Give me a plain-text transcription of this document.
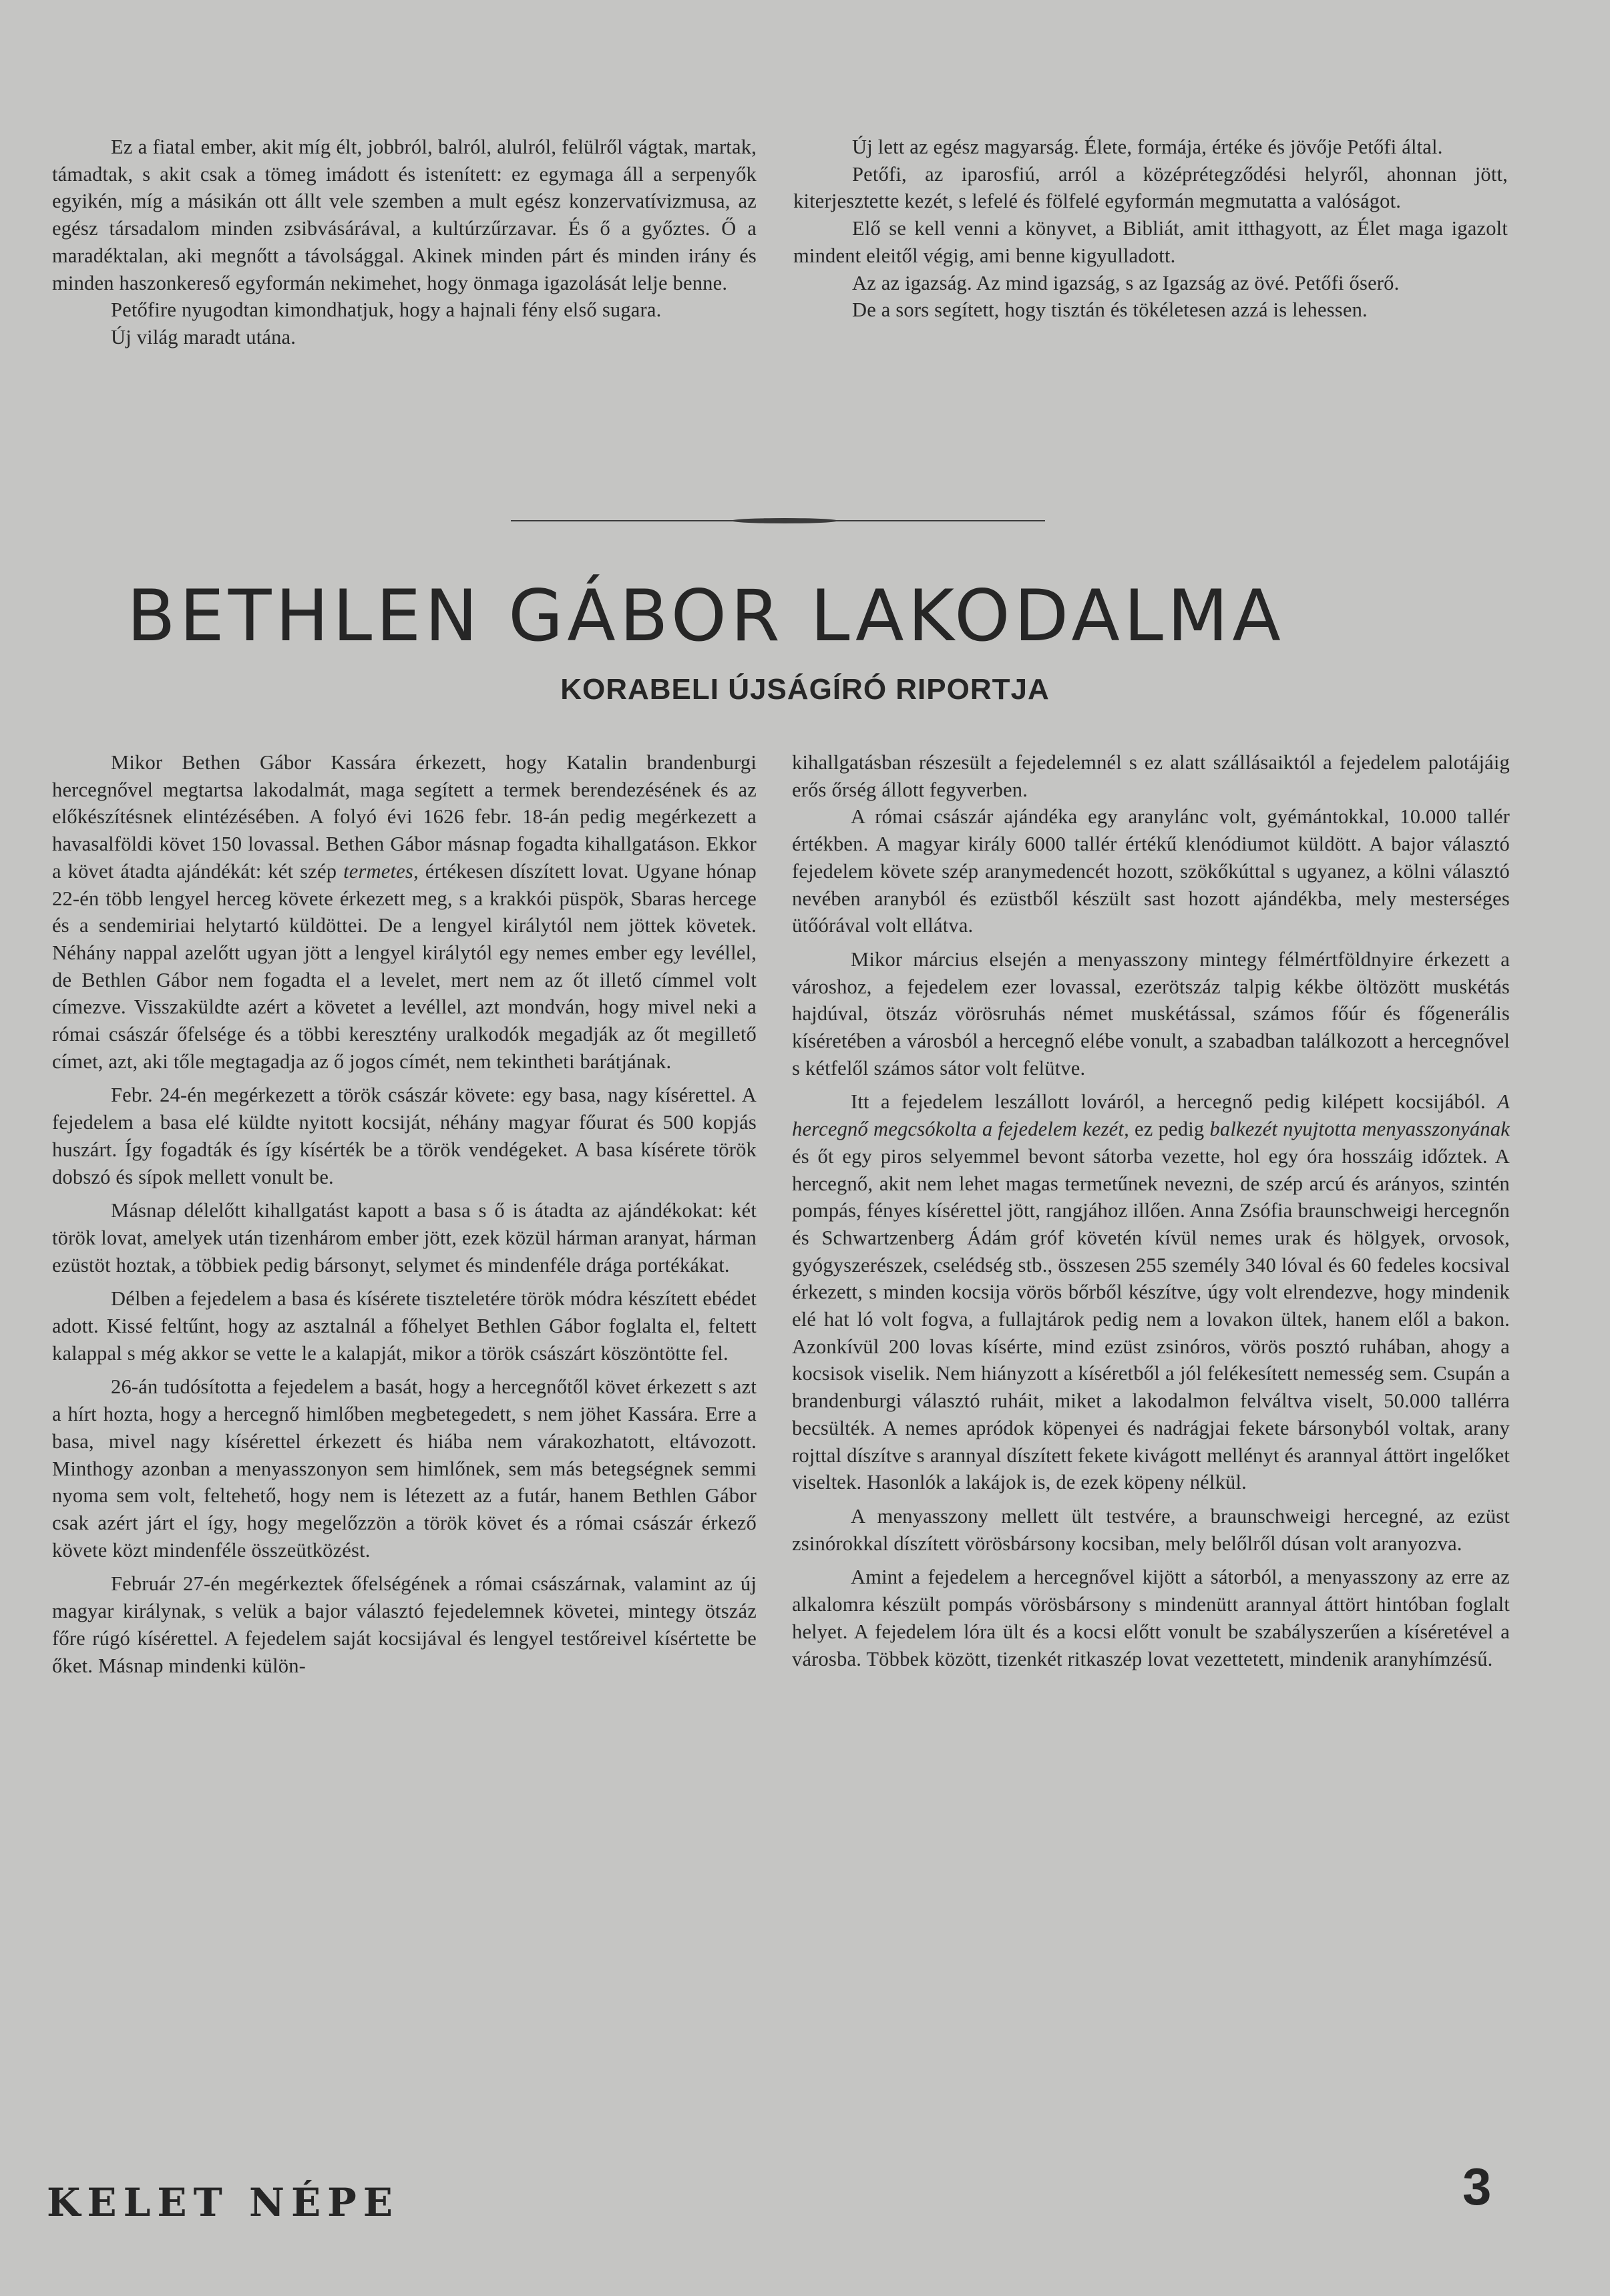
Ez a fiatal ember, akit míg élt, jobbról, balról, alulról, felülről vágtak, martak, támadtak, s akit csak a tömeg imádott és istenített: ez egymaga áll a serpenyők egyikén, míg a másikán ott állt vele szemben a mult egész konzervatívizmusa, az egész társadalom minden zsibvásárával, a kultúrzűrzavar. És ő a győztes. Ő a maradéktalan, aki megnőtt a távolsággal. Akinek minden párt és minden irány és minden haszonkereső egyformán nekimehet, hogy önmaga igazolását lelje benne.

Petőfire nyugodtan kimondhatjuk, hogy a hajnali fény első sugara.

Új világ maradt utána.

Új lett az egész magyarság. Élete, formája, értéke és jövője Petőfi által.

Petőfi, az iparosfiú, arról a középrétegződési helyről, ahonnan jött, kiterjesztette kezét, s lefelé és fölfelé egyformán megmutatta a valóságot.

Elő se kell venni a könyvet, a Bibliát, amit itthagyott, az Élet maga igazolt mindent eleitől végig, ami benne kigyulladott.

Az az igazság. Az mind igazság, s az Igazság az övé. Petőfi őserő.

De a sors segített, hogy tisztán és tökéletesen azzá is lehessen.

BETHLEN GÁBOR LAKODALMA
KORABELI ÚJSÁGÍRÓ RIPORTJA

Mikor Bethen Gábor Kassára érkezett, hogy Katalin brandenburgi hercegnővel megtartsa lakodalmát, maga segített a termek berendezésének és az előkészítésnek elintézésében. A folyó évi 1626 febr. 18-án pedig megérkezett a havasalföldi követ 150 lovassal. Bethen Gábor másnap fogadta kihallgatáson. Ekkor a követ átadta ajándékát: két szép termetes, értékesen díszített lovat. Ugyane hónap 22-én több lengyel herceg követe érkezett meg, s a krakkói püspök, Sbaras hercege és a sendemiriai helytartó küldöttei. De a lengyel királytól nem jöttek követek. Néhány nappal azelőtt ugyan jött a lengyel királytól egy nemes ember egy levéllel, de Bethlen Gábor nem fogadta el a levelet, mert nem az őt illető címmel volt címezve. Visszaküldte azért a követet a levéllel, azt mondván, hogy mivel neki a római császár őfelsége és a többi keresztény uralkodók megadják az őt megillető címet, azt, aki tőle megtagadja az ő jogos címét, nem tekintheti barátjának.

Febr. 24-én megérkezett a török császár követe: egy basa, nagy kísérettel. A fejedelem a basa elé küldte nyitott kocsiját, néhány magyar főurat és 500 kopjás huszárt. Így fogadták és így kísérték be a török vendégeket. A basa kísérete török dobszó és sípok mellett vonult be.

Másnap délelőtt kihallgatást kapott a basa s ő is átadta az ajándékokat: két török lovat, amelyek után tizenhárom ember jött, ezek közül hárman aranyat, hárman ezüstöt hoztak, a többiek pedig bársonyt, selymet és mindenféle drága portékákat.

Délben a fejedelem a basa és kísérete tiszteletére török módra készített ebédet adott. Kissé feltűnt, hogy az asztalnál a főhelyet Bethlen Gábor foglalta el, feltett kalappal s még akkor se vette le a kalapját, mikor a török császárt köszöntötte fel.

26-án tudósította a fejedelem a basát, hogy a hercegnőtől követ érkezett s azt a hírt hozta, hogy a hercegnő himlőben megbetegedett, s nem jöhet Kassára. Erre a basa, mivel nagy kísérettel érkezett és hiába nem várakozhatott, eltávozott. Minthogy azonban a menyasszonyon sem himlőnek, sem más betegségnek semmi nyoma sem volt, feltehető, hogy nem is létezett az a futár, hanem Bethlen Gábor csak azért járt el így, hogy megelőzzön a török követ és a római császár érkező követe közt mindenféle összeütközést.

Február 27-én megérkeztek őfelségének a római császárnak, valamint az új magyar királynak, s velük a bajor választó fejedelemnek követei, mintegy ötszáz főre rúgó kísérettel. A fejedelem saját kocsijával és lengyel testőreivel kísértette be őket. Másnap mindenki külön-

kihallgatásban részesült a fejedelemnél s ez alatt szállásaiktól a fejedelem palotájáig erős őrség állott fegyverben.

A római császár ajándéka egy aranylánc volt, gyémántokkal, 10.000 tallér értékben. A magyar király 6000 tallér értékű klenódiumot küldött. A bajor választó fejedelem követe szép aranymedencét hozott, szökőkúttal s ugyanez, a kölni választó nevében aranyból és ezüstből készült sast hozott ajándékba, mely mesterséges ütőórával volt ellátva.

Mikor március elsején a menyasszony mintegy félmértföldnyire érkezett a városhoz, a fejedelem ezer lovassal, ezerötszáz talpig kékbe öltözött muskétás hajdúval, ötszáz vörösruhás német muskétással, számos főúr és főgenerális kíséretében a városból a hercegnő elébe vonult, a szabadban találkozott a hercegnővel s kétfelől számos sátor volt felütve.

Itt a fejedelem leszállott lováról, a hercegnő pedig kilépett kocsijából. A hercegnő megcsókolta a fejedelem kezét, ez pedig balkezét nyujtotta menyasszonyának és őt egy piros selyemmel bevont sátorba vezette, hol egy óra hosszáig időztek. A hercegnő, akit nem lehet magas termetűnek nevezni, de szép arcú és arányos, szintén pompás, fényes kísérettel jött, rangjához illően. Anna Zsófia braunschweigi hercegnőn és Schwartzenberg Ádám gróf követén kívül nemes urak és hölgyek, orvosok, gyógyszerészek, cselédség stb., összesen 255 személy 340 lóval és 60 fedeles kocsival érkezett, s minden kocsija vörös bőrből készítve, úgy volt elrendezve, hogy mindenik elé hat ló volt fogva, a fullajtárok pedig nem a lovakon ültek, hanem elől a bakon. Azonkívül 200 lovas kísérte, mind ezüst zsinóros, vörös posztó ruhában, ahogy a kocsisok viselik. Nem hiányzott a kíséretből a jól felékesített nemesség sem. Csupán a brandenburgi választó ruháit, miket a lakodalmon felváltva viselt, 50.000 tallérra becsülték. A nemes apródok köpenyei és nadrágjai fekete bársonyból voltak, arany rojttal díszítve s arannyal díszített fekete kivágott mellényt és arannyal áttört ingelőket viseltek. Hasonlók a lakájok is, de ezek köpeny nélkül.

A menyasszony mellett ült testvére, a braunschweigi hercegné, az ezüst zsinórokkal díszített vörösbársony kocsiban, mely belőlről dúsan volt aranyozva.

Amint a fejedelem a hercegnővel kijött a sátorból, a menyasszony az erre az alkalomra készült pompás vörösbársony s mindenütt arannyal áttört hintóban foglalt helyet. A fejedelem lóra ült és a kocsi előtt vonult be szabályszerűen a kíséretével a városba. Többek között, tizenkét ritkaszép lovat vezettetett, mindenik aranyhímzésű.

KELET NÉPE	3
